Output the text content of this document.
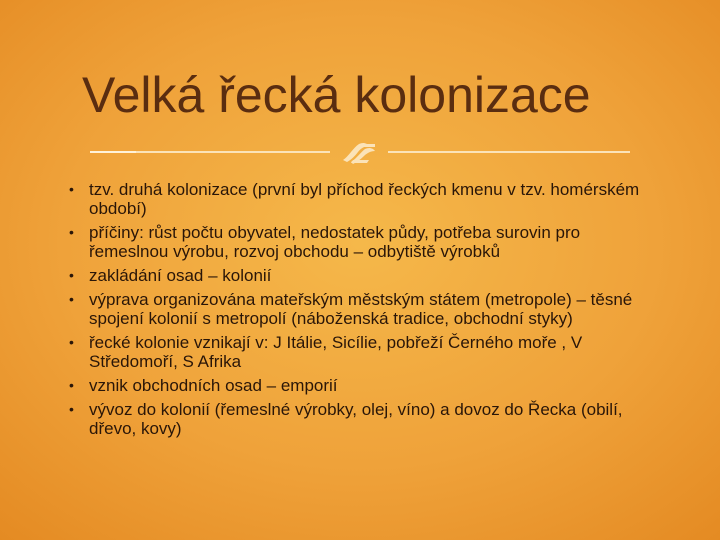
Velká řecká kolonizace
• tzv. druhá kolonizace (první byl příchod řeckých kmenu v tzv. homérském období)
• příčiny: růst počtu obyvatel, nedostatek půdy, potřeba surovin pro řemeslnou výrobu, rozvoj obchodu – odbytiště výrobků
• zakládání osad – kolonií
• výprava organizována mateřským městským státem (metropole) – těsné spojení kolonií s metropolí (náboženská tradice, obchodní styky)
• řecké kolonie vznikají v: J Itálie, Sicílie, pobřeží Černého moře , V Středomoří, S Afrika
• vznik obchodních osad – emporií
• vývoz do kolonií (řemeslné výrobky, olej, víno) a dovoz do Řecka (obilí, dřevo, kovy)
